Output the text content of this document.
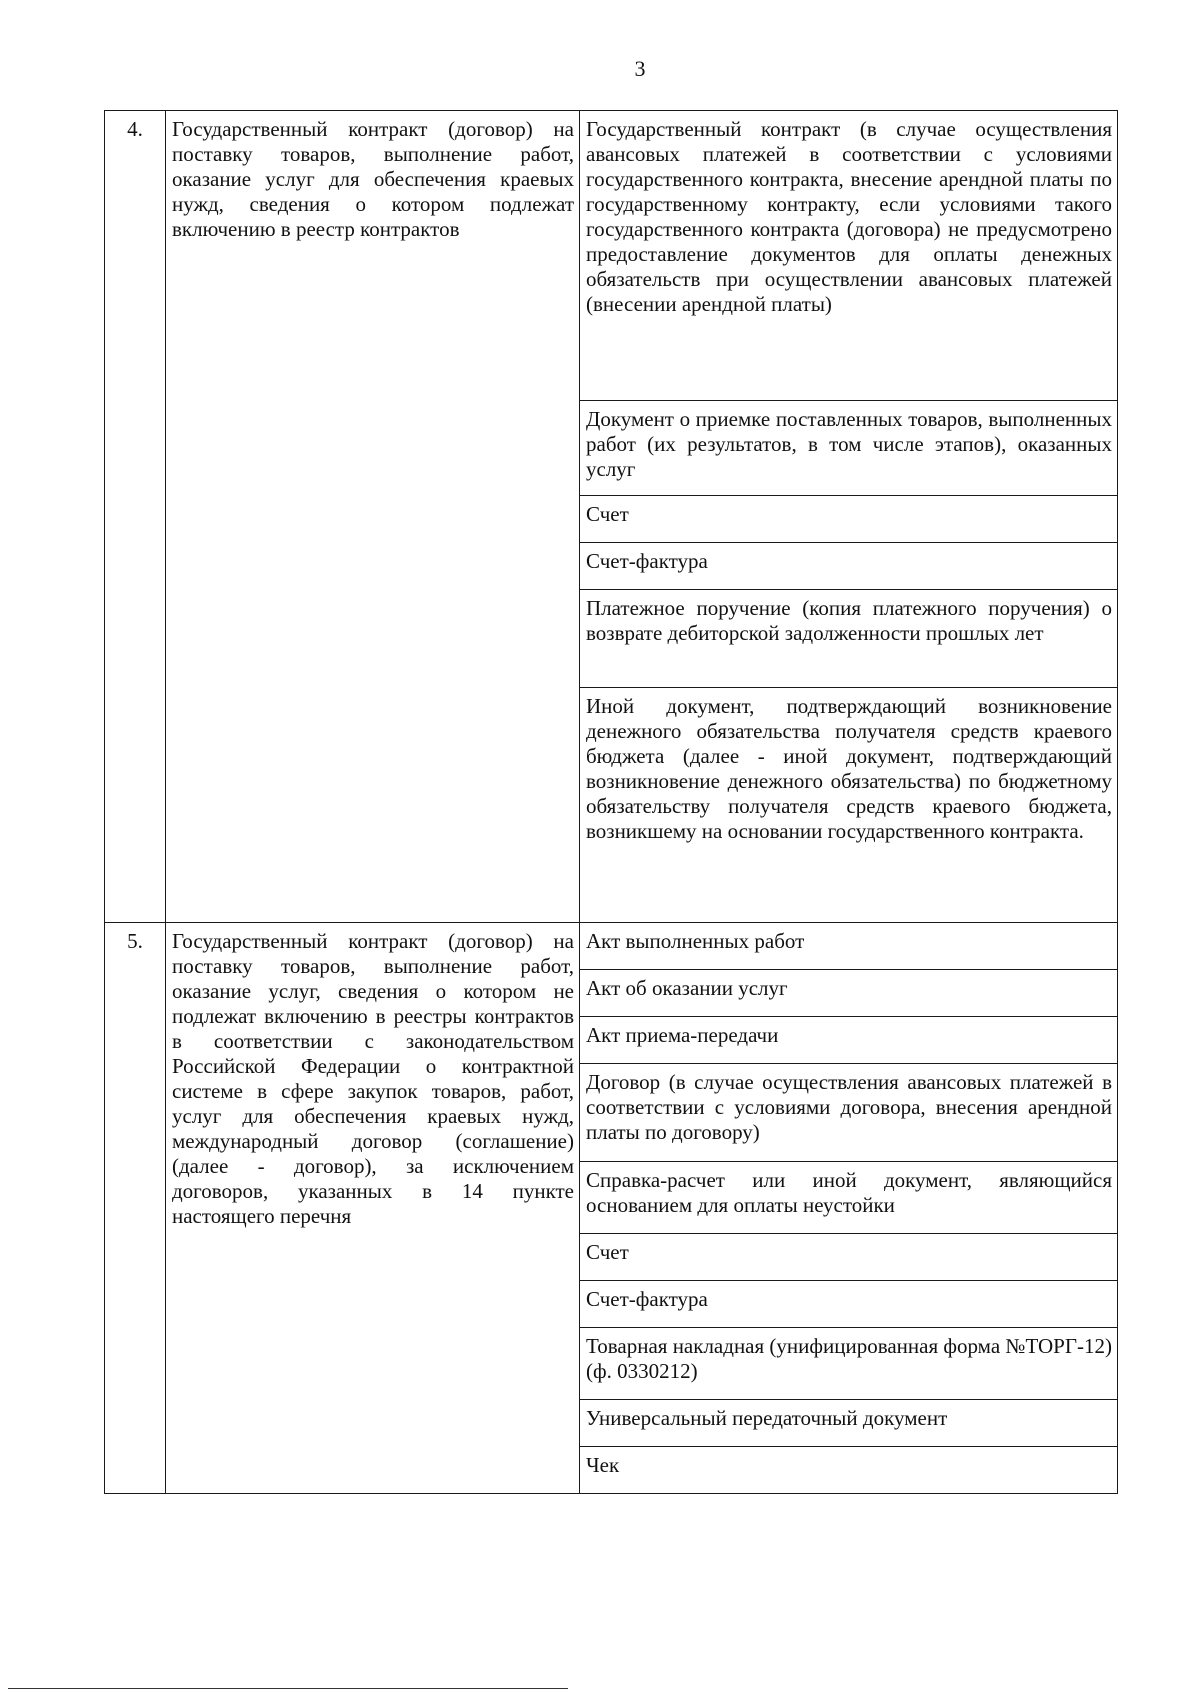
3
4.	Государственный контракт (договор) на поставку товаров, выполнение работ, оказание услуг для обеспечения краевых нужд, сведения о котором подлежат включению в реестр контрактов	Государственный контракт (в случае осуществления авансовых платежей в соответствии с условиями государственного контракта, внесение арендной платы по государственному контракту, если условиями такого государственного контракта (договора) не предусмотрено предоставление документов для оплаты денежных обязательств при осуществлении авансовых платежей (внесении арендной платы)
		Документ о приемке поставленных товаров, выполненных работ (их результатов, в том числе этапов), оказанных услуг
		Счет
		Счет-фактура
		Платежное поручение (копия платежного поручения) о возврате дебиторской задолженности прошлых лет
		Иной документ, подтверждающий возникновение денежного обязательства получателя средств краевого бюджета (далее - иной документ, подтверждающий возникновение денежного обязательства) по бюджетному обязательству получателя средств краевого бюджета, возникшему на основании государственного контракта.
5.	Государственный контракт (договор) на поставку товаров, выполнение работ, оказание услуг, сведения о котором не подлежат включению в реестры контрактов в соответствии с законодательством Российской Федерации о контрактной системе в сфере закупок товаров, работ, услуг для обеспечения краевых нужд, международный договор (соглашение) (далее - договор), за исключением договоров, указанных в 14 пункте настоящего перечня	Акт выполненных работ
		Акт об оказании услуг
		Акт приема-передачи
		Договор (в случае осуществления авансовых платежей в соответствии с условиями договора, внесения арендной платы по договору)
		Справка-расчет или иной документ, являющийся основанием для оплаты неустойки
		Счет
		Счет-фактура
		Товарная накладная (унифицированная форма №ТОРГ-12) (ф. 0330212)
		Универсальный передаточный документ
		Чек
